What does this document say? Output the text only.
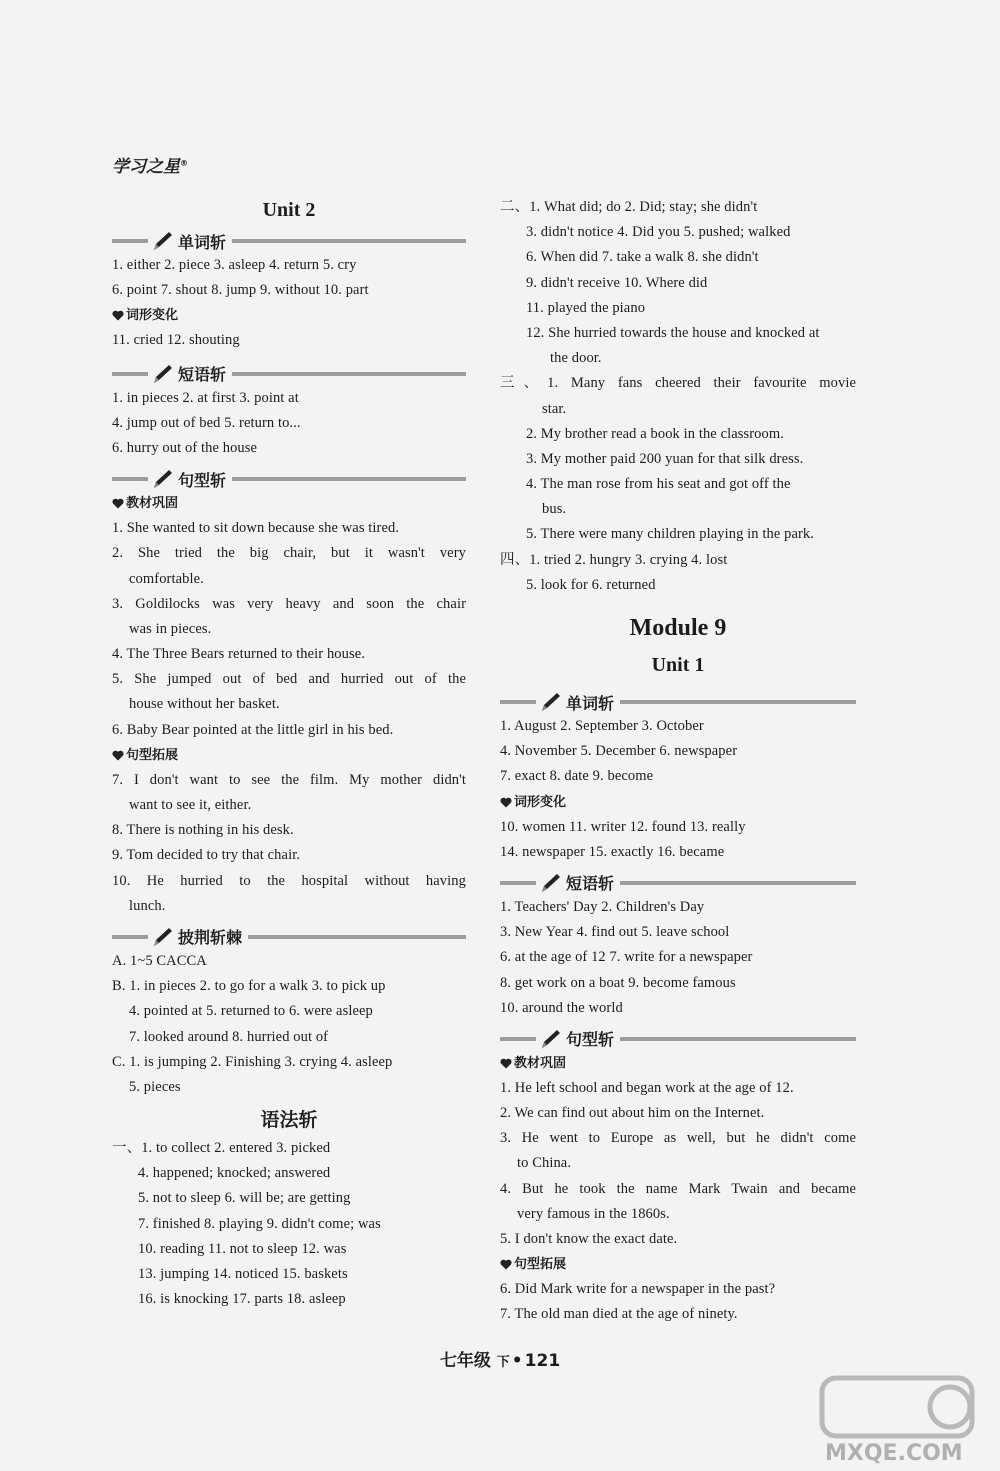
学习之星®
Unit 2
单词斩
1. either 2. piece 3. asleep 4. return 5. cry
6. point 7. shout 8. jump 9. without 10. part
词形变化
11. cried 12. shouting
短语斩
1. in pieces 2. at first 3. point at
4. jump out of bed 5. return to...
6. hurry out of the house
句型斩
教材巩固
1. She wanted to sit down because she was tired.
2. She tried the big chair, but it wasn't very
comfortable.
3. Goldilocks was very heavy and soon the chair
was in pieces.
4. The Three Bears returned to their house.
5. She jumped out of bed and hurried out of the
house without her basket.
6. Baby Bear pointed at the little girl in his bed.
句型拓展
7. I don't want to see the film. My mother didn't
want to see it, either.
8. There is nothing in his desk.
9. Tom decided to try that chair.
10. He hurried to the hospital without having
lunch.
披荆斩棘
A. 1~5 CACCA
B. 1. in pieces 2. to go for a walk 3. to pick up
4. pointed at 5. returned to 6. were asleep
7. looked around 8. hurried out of
C. 1. is jumping 2. Finishing 3. crying 4. asleep
5. pieces
语法斩
一、1. to collect 2. entered 3. picked
4. happened; knocked; answered
5. not to sleep 6. will be; are getting
7. finished 8. playing 9. didn't come; was
10. reading 11. not to sleep 12. was
13. jumping 14. noticed 15. baskets
16. is knocking 17. parts 18. asleep
二、1. What did; do 2. Did; stay; she didn't
3. didn't notice 4. Did you 5. pushed; walked
6. When did 7. take a walk 8. she didn't
9. didn't receive 10. Where did
11. played the piano
12. She hurried towards the house and knocked at
the door.
三、1. Many fans cheered their favourite movie
star.
2. My brother read a book in the classroom.
3. My mother paid 200 yuan for that silk dress.
4. The man rose from his seat and got off the
bus.
5. There were many children playing in the park.
四、1. tried 2. hungry 3. crying 4. lost
5. look for 6. returned
Module 9
Unit 1
单词斩
1. August 2. September 3. October
4. November 5. December 6. newspaper
7. exact 8. date 9. become
词形变化
10. women 11. writer 12. found 13. really
14. newspaper 15. exactly 16. became
短语斩
1. Teachers' Day 2. Children's Day
3. New Year 4. find out 5. leave school
6. at the age of 12 7. write for a newspaper
8. get work on a boat 9. become famous
10. around the world
句型斩
教材巩固
1. He left school and began work at the age of 12.
2. We can find out about him on the Internet.
3. He went to Europe as well, but he didn't come
to China.
4. But he took the name Mark Twain and became
very famous in the 1860s.
5. I don't know the exact date.
句型拓展
6. Did Mark write for a newspaper in the past?
7. The old man died at the age of ninety.
七年级 下 • 121
MXQE.COM
